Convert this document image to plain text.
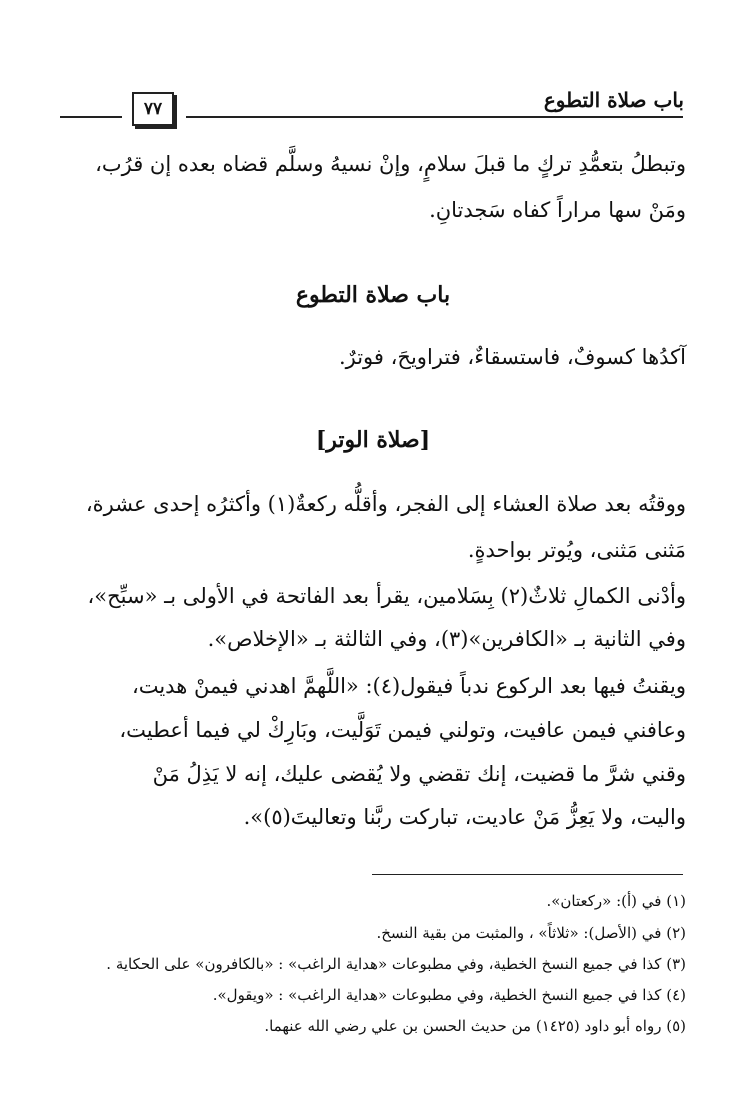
٧٧	باب صلاة التطوع
وتبطلُ بتعمُّدِ تركٍ ما قبلَ سلامٍ، وإنْ نسيهُ وسلَّم قضاه بعده إن قرُب،
ومَنْ سها مراراً كفاه سَجدتانِ.
باب صلاة التطوع
آكدُها كسوفٌ، فاستسقاءٌ، فتراويحَ، فوترٌ.
[صلاة الوتر]
ووقتُه بعد صلاة العشاء إلى الفجر، وأقلُّه ركعةٌ(١) وأكثرُه إحدى عشرة،
مَثنى مَثنى، ويُوتر بواحدةٍ.
وأدْنى الكمالِ ثلاثٌ(٢) بِسَلامين، يقرأ بعد الفاتحة في الأولى بـ «سبِّح»،
وفي الثانية بـ «الكافرين»(٣)، وفي الثالثة بـ «الإخلاص».
ويقنتُ فيها بعد الركوع ندباً فيقول(٤): «اللَّهمَّ اهدني فيمنْ هديت،
وعافني فيمن عافيت، وتولني فيمن تَوَلَّيت، وبَارِكْ لي فيما أعطيت،
وقني شرَّ ما قضيت، إنك تقضي ولا يُقضى عليك، إنه لا يَذِلُ مَنْ
واليت، ولا يَعِزُّ مَنْ عاديت، تباركت ربَّنا وتعاليتَ(٥)».
(١) في (أ): «ركعتان».
(٢) في (الأصل): «ثلاثاً» ، والمثبت من بقية النسخ.
(٣) كذا في جميع النسخ الخطية، وفي مطبوعات «هداية الراغب» : «بالكافرون» على الحكاية .
(٤) كذا في جميع النسخ الخطية، وفي مطبوعات «هداية الراغب» : «ويقول».
(٥) رواه أبو داود (١٤٢٥) من حديث الحسن بن علي رضي الله عنهما.
